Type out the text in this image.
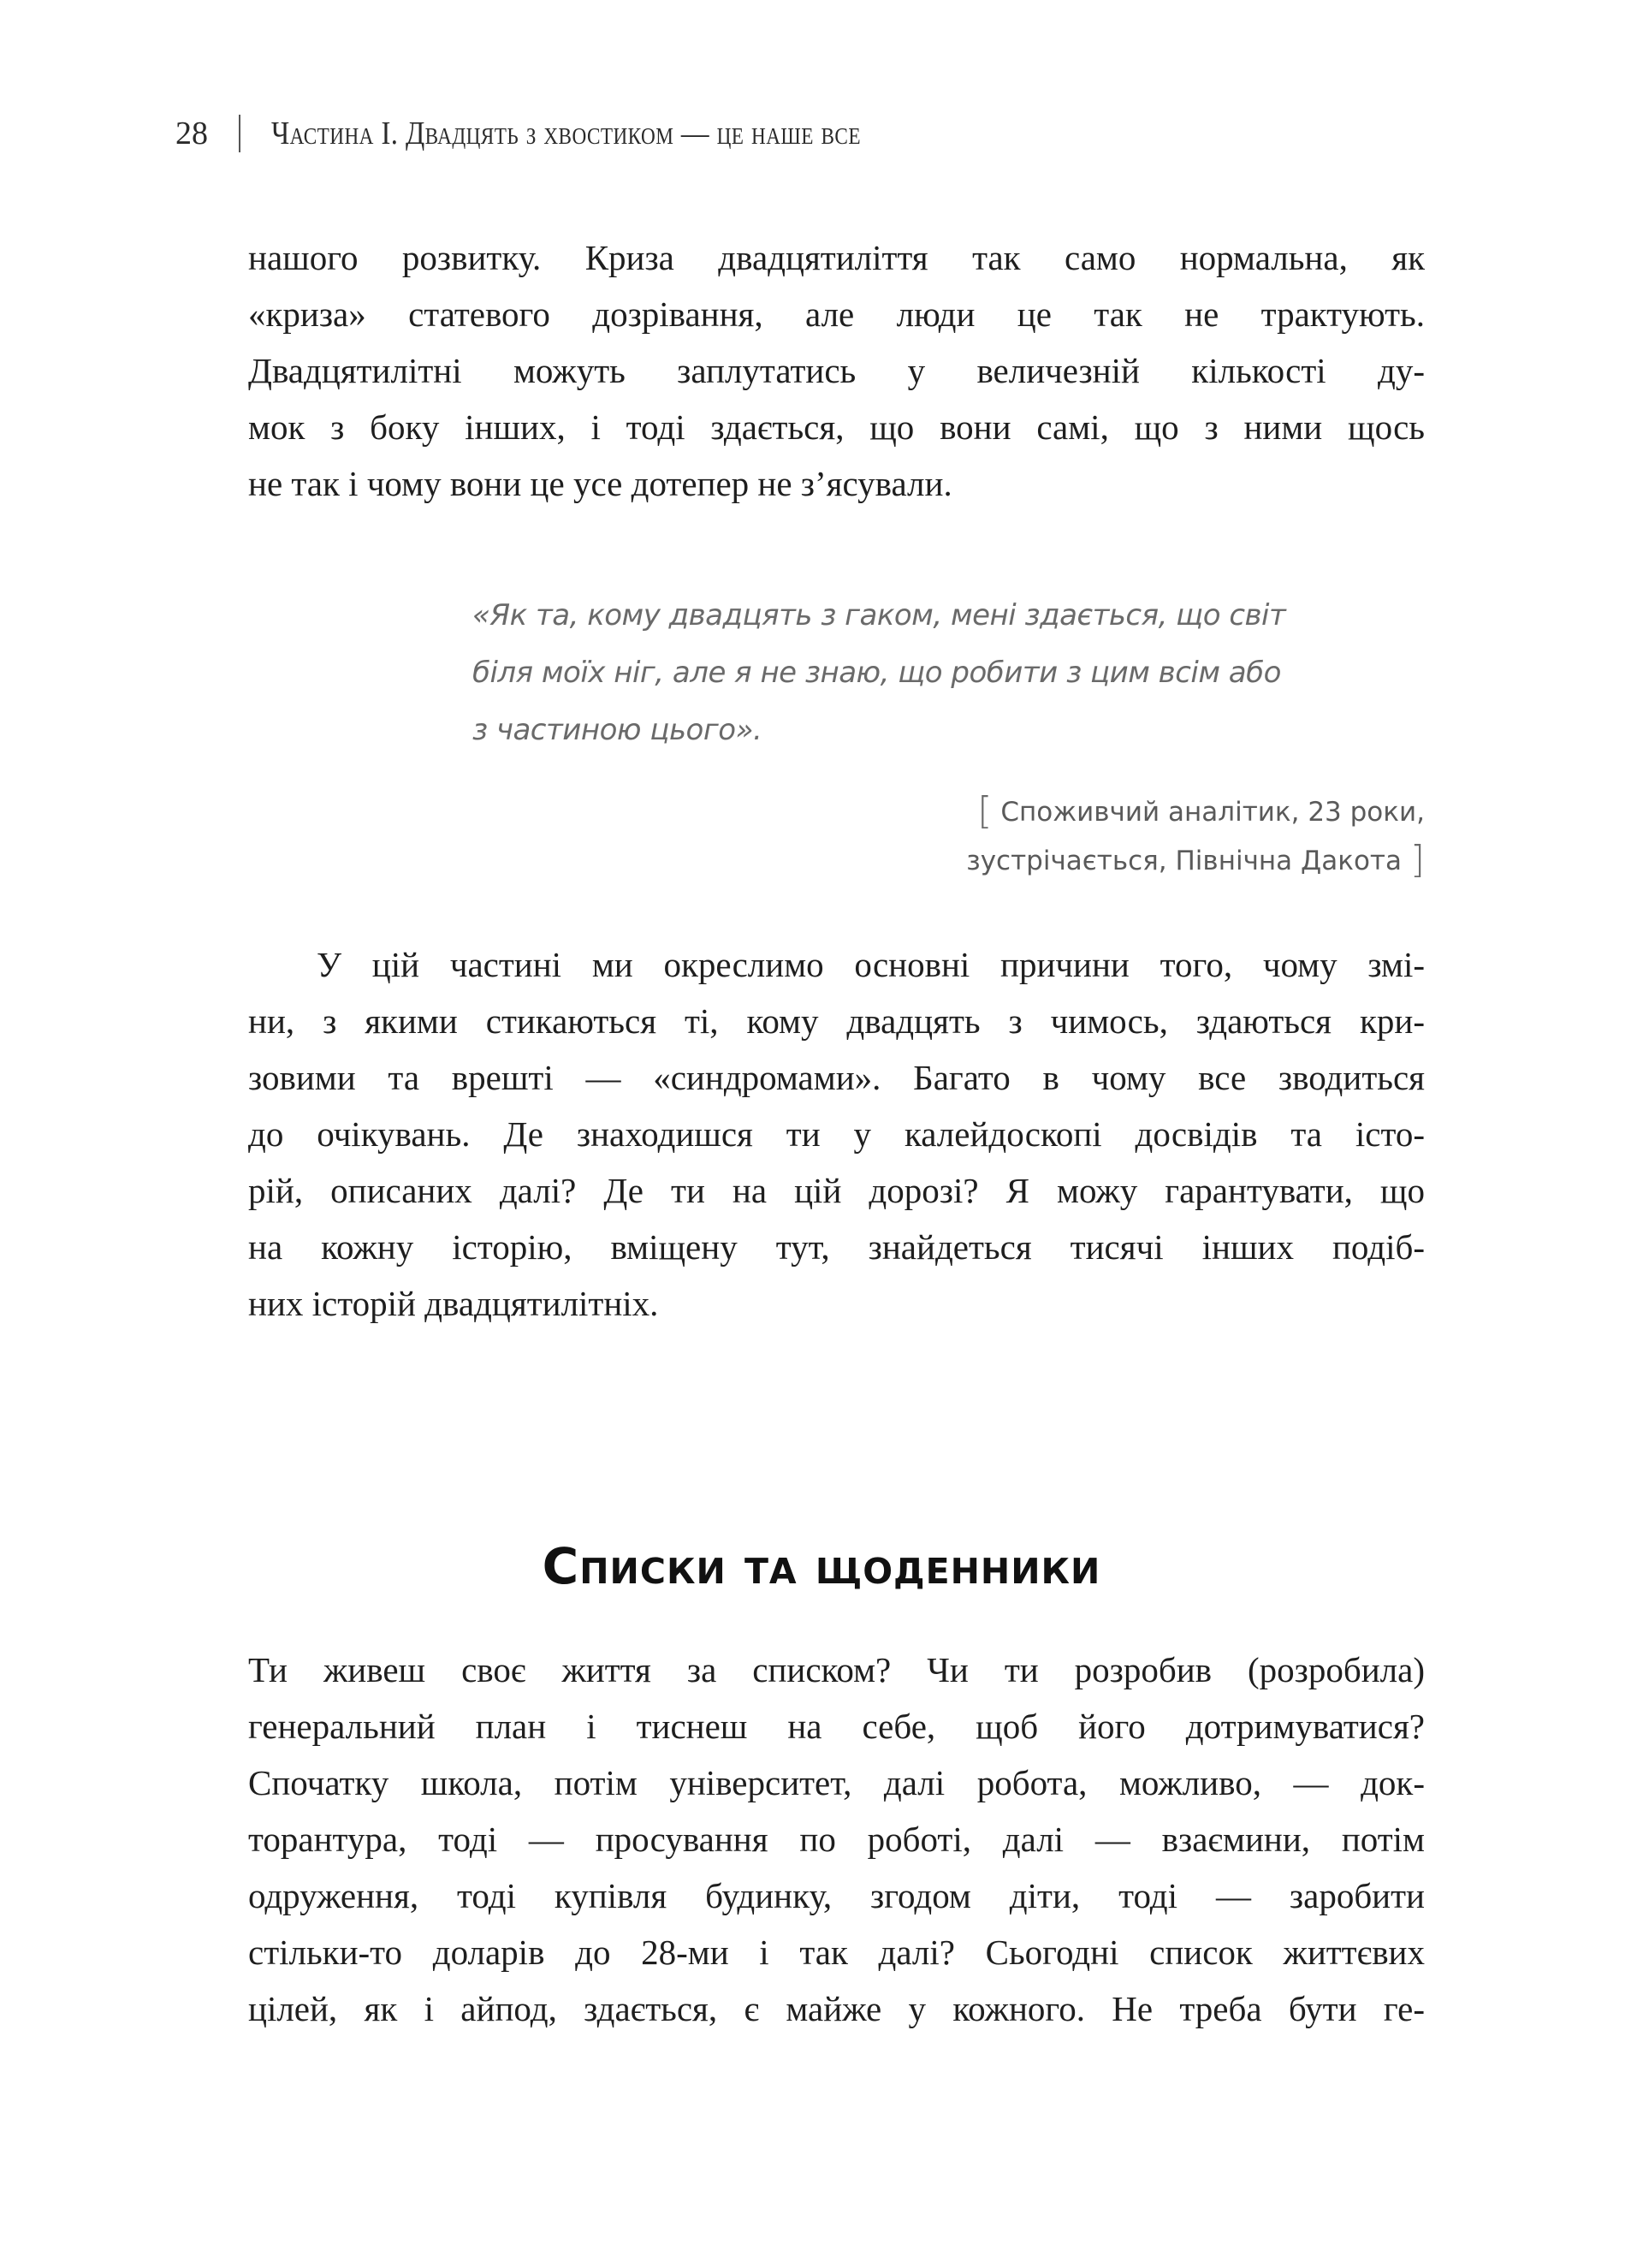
28 Частина І. Двадцять з хвостиком — це наше все

нашого розвитку. Криза двадцятиліття так само нормальна, як
«криза» статевого дозрівання, але люди це так не трактують.
Двадцятилітні можуть заплутатись у величезній кількості ду-
мок з боку інших, і тоді здається, що вони самі, що з ними щось
не так і чому вони це усе дотепер не з’ясували.

«Як та, кому двадцять з гаком, мені здається, що світ
біля моїх ніг, але я не знаю, що робити з цим всім або
з частиною цього».
[ Споживчий аналітик, 23 роки,
зустрічається, Північна Дакота ]

У цій частині ми окреслимо основні причини того, чому змі-
ни, з якими стикаються ті, кому двадцять з чимось, здаються кри-
зовими та врешті — «синдромами». Багато в чому все зводиться
до очікувань. Де знаходишся ти у калейдоскопі досвідів та істо-
рій, описаних далі? Де ти на цій дорозі? Я можу гарантувати, що
на кожну історію, вміщену тут, знайдеться тисячі інших подіб-
них історій двадцятилітніх.

Списки та щоденники

Ти живеш своє життя за списком? Чи ти розробив (розробила)
генеральний план і тиснеш на себе, щоб його дотримуватися?
Спочатку школа, потім університет, далі робота, можливо, — док-
торантура, тоді — просування по роботі, далі — взаємини, потім
одруження, тоді купівля будинку, згодом діти, тоді — заробити
стільки-то доларів до 28-ми і так далі? Сьогодні список життєвих
цілей, як і айпод, здається, є майже у кожного. Не треба бути ге-
